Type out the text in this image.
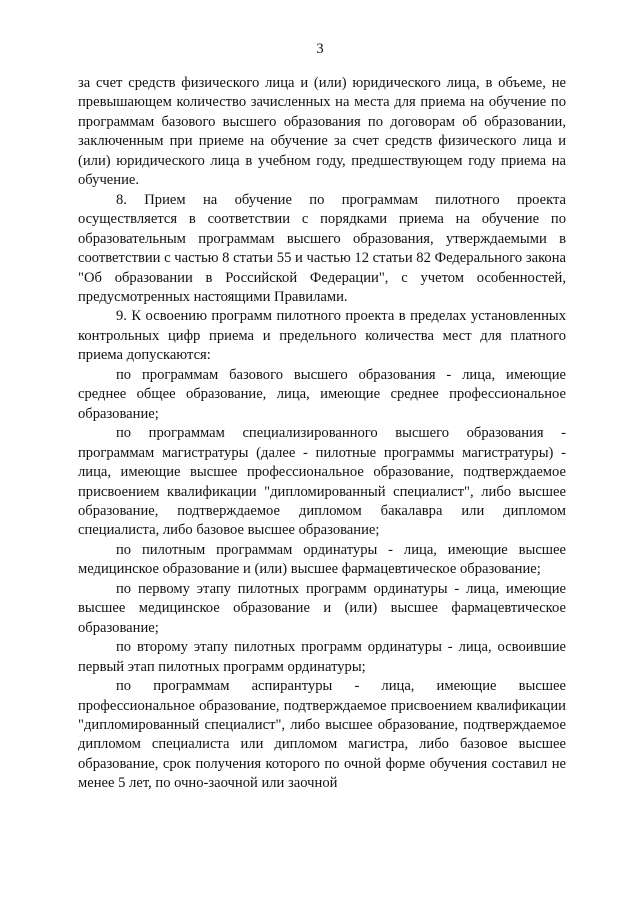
3

за счет средств физического лица и (или) юридического лица, в объеме, не превышающем количество зачисленных на места для приема на обучение по программам базового высшего образования по договорам об образовании, заключенным при приеме на обучение за счет средств физического лица и (или) юридического лица в учебном году, предшествующем году приема на обучение.

8. Прием на обучение по программам пилотного проекта осуществляется в соответствии с порядками приема на обучение по образовательным программам высшего образования, утверждаемыми в соответствии с частью 8 статьи 55 и частью 12 статьи 82 Федерального закона "Об образовании в Российской Федерации", с учетом особенностей, предусмотренных настоящими Правилами.

9. К освоению программ пилотного проекта в пределах установленных контрольных цифр приема и предельного количества мест для платного приема допускаются:

по программам базового высшего образования - лица, имеющие среднее общее образование, лица, имеющие среднее профессиональное образование;

по программам специализированного высшего образования - программам магистратуры (далее - пилотные программы магистратуры) - лица, имеющие высшее профессиональное образование, подтверждаемое присвоением квалификации "дипломированный специалист", либо высшее образование, подтверждаемое дипломом бакалавра или дипломом специалиста, либо базовое высшее образование;

по пилотным программам ординатуры - лица, имеющие высшее медицинское образование и (или) высшее фармацевтическое образование;

по первому этапу пилотных программ ординатуры - лица, имеющие высшее медицинское образование и (или) высшее фармацевтическое образование;

по второму этапу пилотных программ ординатуры - лица, освоившие первый этап пилотных программ ординатуры;

по программам аспирантуры - лица, имеющие высшее профессиональное образование, подтверждаемое присвоением квалификации "дипломированный специалист", либо высшее образование, подтверждаемое дипломом специалиста или дипломом магистра, либо базовое высшее образование, срок получения которого по очной форме обучения составил не менее 5 лет, по очно-заочной или заочной
